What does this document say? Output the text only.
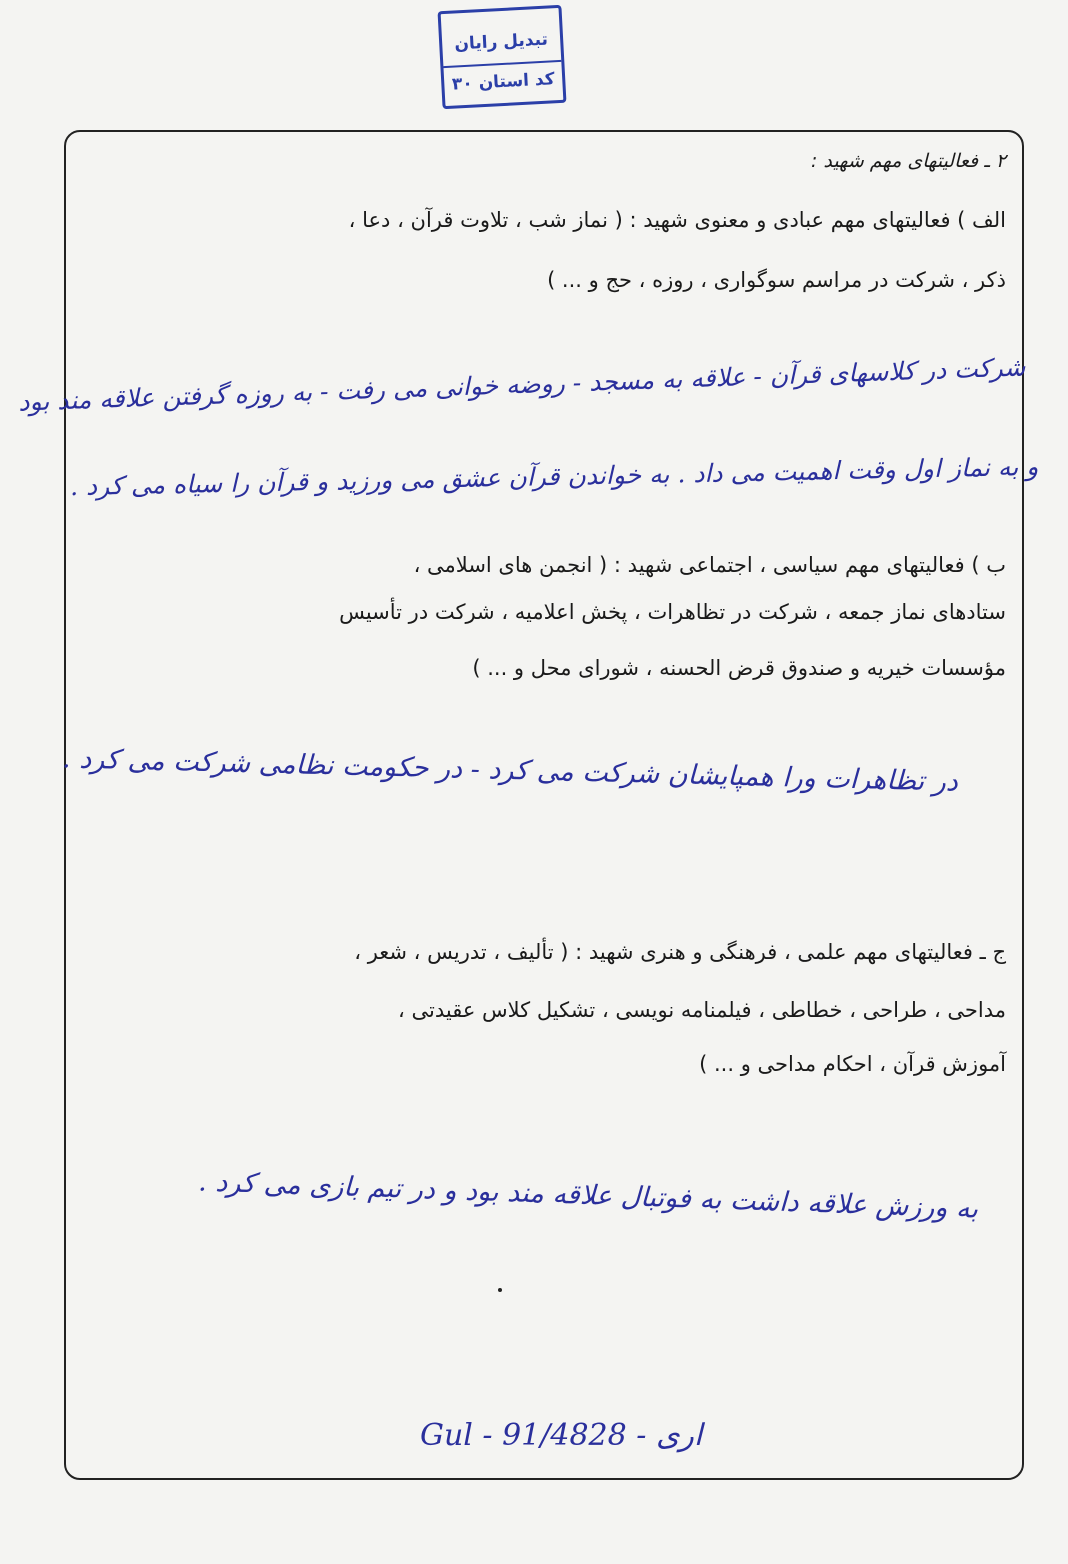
تبدیل رایان
کد استان ۳۰
۲ ـ فعالیتهای مهم شهید :
الف ) فعالیتهای مهم عبادی و معنوی شهید : ( نماز شب ، تلاوت قرآن ، دعا ،
ذکر ، شرکت در مراسم سوگواری ، روزه ، حج و ... )
شرکت در کلاسهای قرآن - علاقه به مسجد - روضه خوانی می رفت - به روزه گرفتن علاقه مند بود
و به نماز اول وقت اهمیت می داد . به خواندن قرآن عشق می ورزید و قرآن را سیاه می کرد .
ب ) فعالیتهای مهم سیاسی ، اجتماعی شهید : ( انجمن های اسلامی ،
ستادهای نماز جمعه ، شرکت در تظاهرات ، پخش اعلامیه ، شرکت در تأسیس
مؤسسات خیریه و صندوق قرض الحسنه ، شورای محل و ... )
در تظاهرات ورا همپایشان شرکت می کرد - در حکومت نظامی شرکت می کرد .
ج ـ فعالیتهای مهم علمی ، فرهنگی و هنری شهید : ( تألیف ، تدریس ، شعر ،
مداحی ، طراحی ، خطاطی ، فیلمنامه نویسی ، تشکیل کلاس عقیدتی ،
آموزش قرآن ، احکام مداحی و ... )
به ورزش علاقه داشت به فوتبال علاقه مند بود و در تیم بازی می کرد .
Gul - 91/4828 - اری
